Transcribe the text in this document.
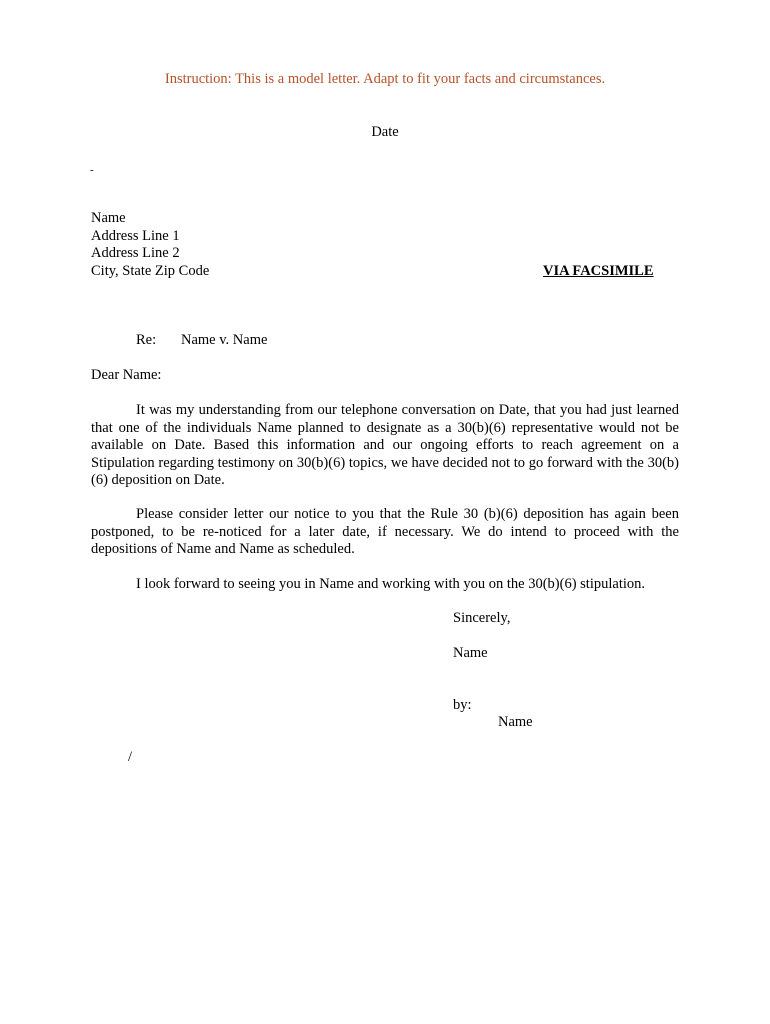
Instruction: This is a model letter. Adapt to fit your facts and circumstances.
Date
-
Name
Address Line 1
Address Line 2
City, State Zip Code	VIA FACSIMILE
Re: Name v. Name
Dear Name:
It was my understanding from our telephone conversation on Date, that you had just learned that one of the individuals Name planned to designate as a 30(b)(6) representative would not be available on Date. Based this information and our ongoing efforts to reach agreement on a Stipulation regarding testimony on 30(b)(6) topics, we have decided not to go forward with the 30(b)(6) deposition on Date.
Please consider letter our notice to you that the Rule 30 (b)(6) deposition has again been postponed, to be re-noticed for a later date, if necessary. We do intend to proceed with the depositions of Name and Name as scheduled.
I look forward to seeing you in Name and working with you on the 30(b)(6) stipulation.
Sincerely,
Name
by:
Name
/
